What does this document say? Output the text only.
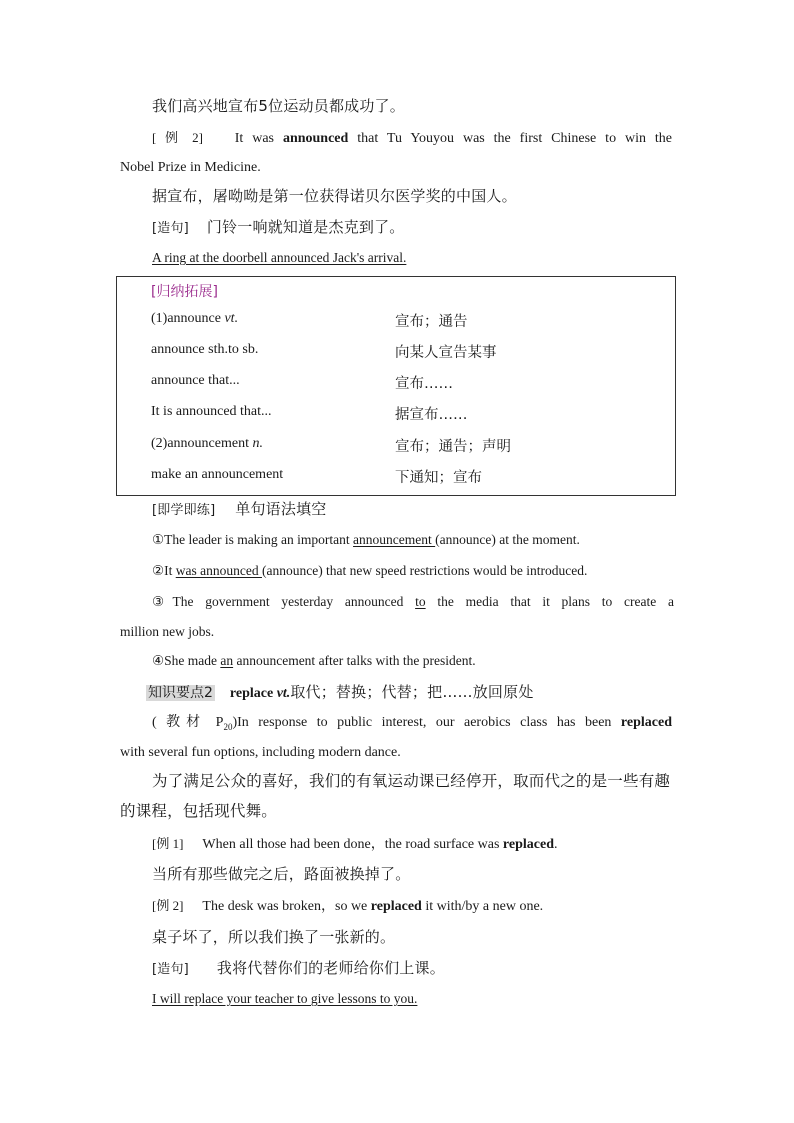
我们高兴地宣布5位运动员都成功了。
[ 例 2] It was announced that Tu Youyou was the first Chinese to win the
Nobel Prize in Medicine.
据宣布，屠呦呦是第一位获得诺贝尔医学奖的中国人。
[造句] 门铃一响就知道是杰克到了。
A ring at the doorbell announced Jack's arrival.
[归纳拓展]
(1)announce vt.	宣布；通告
announce sth.to sb.	向某人宣告某事
announce that...	宣布……
It is announced that...	据宣布……
(2)announcement n.	宣布；通告；声明
make an announcement	下通知；宣布
[即学即练] 单句语法填空
①The leader is making an important announcement (announce) at the moment.
②It was announced (announce) that new speed restrictions would be introduced.
③The government yesterday announced to the media that it plans to create a
million new jobs.
④She made an announcement after talks with the president.
知识要点2 replace vt.取代；替换；代替；把……放回原处
( 教材 $P_{20})In$ response to public interest, our aerobics class has been replaced
with several fun options, including modern dance.
为了满足公众的喜好，我们的有氧运动课已经停开，取而代之的是一些有趣
的课程，包括现代舞。
[例 1] When all those had been done，the road surface was replaced.
当所有那些做完之后，路面被换掉了。
[例 2] The desk was broken，so we replaced it with/by a new one.
桌子坏了，所以我们换了一张新的。
[造句] 我将代替你们的老师给你们上课。
I will replace your teacher to give lessons to you.
